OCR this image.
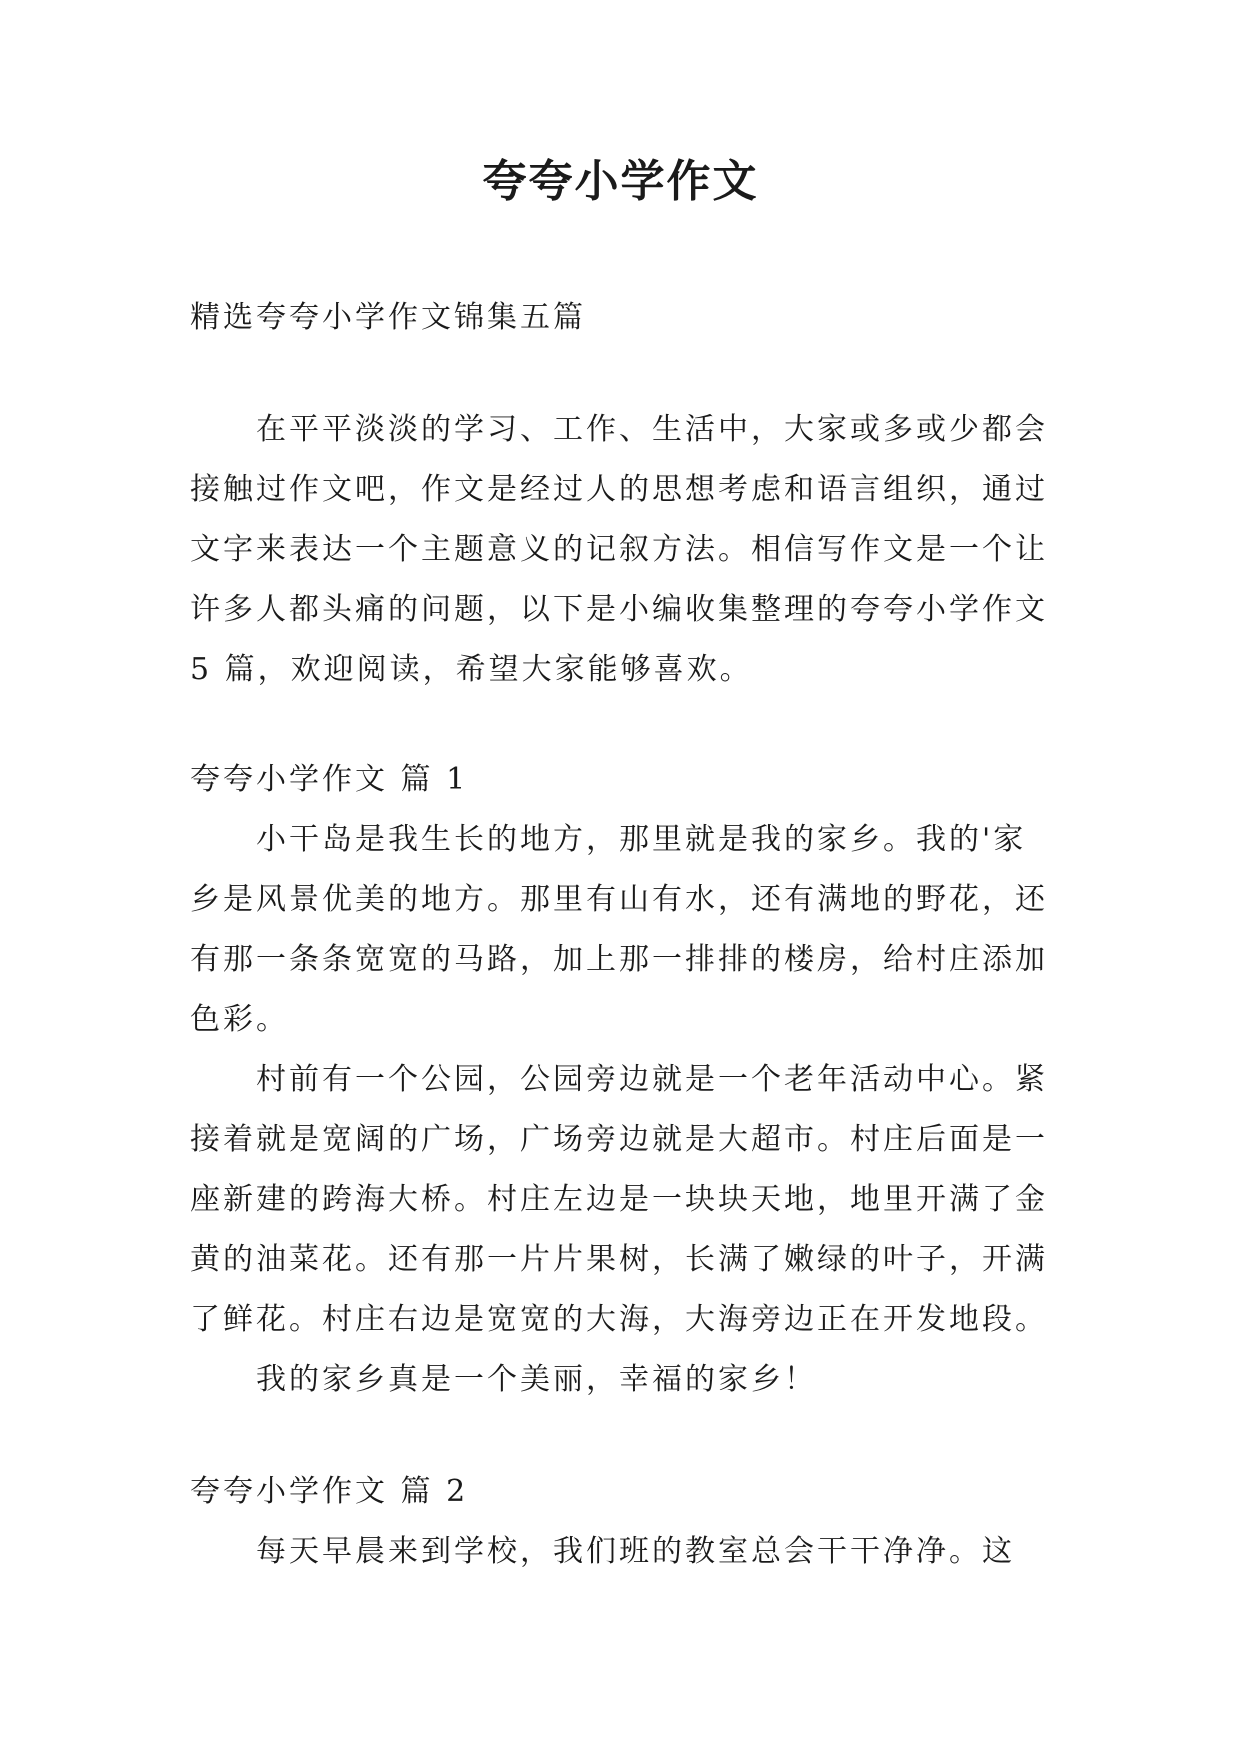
夸夸小学作文
精选夸夸小学作文锦集五篇
在平平淡淡的学习、工作、生活中，大家或多或少都会
接触过作文吧，作文是经过人的思想考虑和语言组织，通过
文字来表达一个主题意义的记叙方法。相信写作文是一个让
许多人都头痛的问题，以下是小编收集整理的夸夸小学作文
5 篇，欢迎阅读，希望大家能够喜欢。
夸夸小学作文 篇 1
小干岛是我生长的地方，那里就是我的家乡。我的'家
乡是风景优美的地方。那里有山有水，还有满地的野花，还
有那一条条宽宽的马路，加上那一排排的楼房，给村庄添加
色彩。
村前有一个公园，公园旁边就是一个老年活动中心。紧
接着就是宽阔的广场，广场旁边就是大超市。村庄后面是一
座新建的跨海大桥。村庄左边是一块块天地，地里开满了金
黄的油菜花。还有那一片片果树，长满了嫩绿的叶子，开满
了鲜花。村庄右边是宽宽的大海，大海旁边正在开发地段。
我的家乡真是一个美丽，幸福的家乡！
夸夸小学作文 篇 2
每天早晨来到学校，我们班的教室总会干干净净。这
